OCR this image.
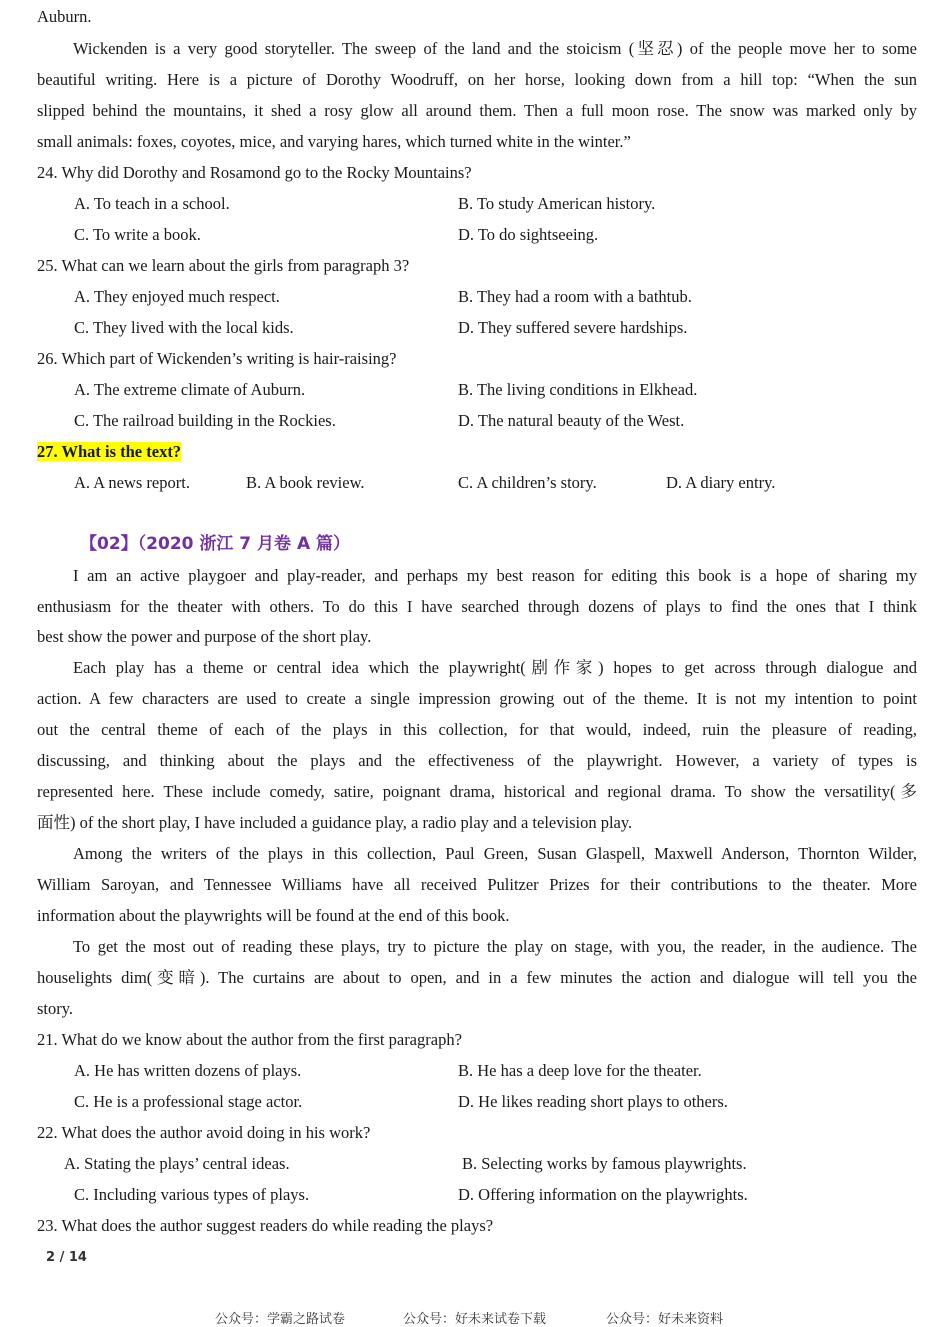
Auburn.
Wickenden is a very good storyteller. The sweep of the land and the stoicism (坚忍) of the people move her to some
beautiful writing. Here is a picture of Dorothy Woodruff, on her horse, looking down from a hill top: “When the sun
slipped behind the mountains, it shed a rosy glow all around them. Then a full moon rose. The snow was marked only by
small animals: foxes, coyotes, mice, and varying hares, which turned white in the winter.”
24. Why did Dorothy and Rosamond go to the Rocky Mountains?
A. To teach in a school.	B. To study American history.
C. To write a book.	D. To do sightseeing.
25. What can we learn about the girls from paragraph 3?
A. They enjoyed much respect.	B. They had a room with a bathtub.
C. They lived with the local kids.	D. They suffered severe hardships.
26. Which part of Wickenden’s writing is hair-raising?
A. The extreme climate of Auburn.	B. The living conditions in Elkhead.
C. The railroad building in the Rockies.	D. The natural beauty of the West.
27. What is the text?
A. A news report.	B. A book review.	C. A children’s story.	D. A diary entry.
【02】（2020 浙江 7 月卷 A 篇）
I am an active playgoer and play-reader, and perhaps my best reason for editing this book is a hope of sharing my
enthusiasm for the theater with others. To do this I have searched through dozens of plays to find the ones that I think
best show the power and purpose of the short play.
Each play has a theme or central idea which the playwright(剧作家) hopes to get across through dialogue and
action. A few characters are used to create a single impression growing out of the theme. It is not my intention to point
out the central theme of each of the plays in this collection, for that would, indeed, ruin the pleasure of reading,
discussing, and thinking about the plays and the effectiveness of the playwright. However, a variety of types is
represented here. These include comedy, satire, poignant drama, historical and regional drama. To show the versatility(多
面性) of the short play, I have included a guidance play, a radio play and a television play.
Among the writers of the plays in this collection, Paul Green, Susan Glaspell, Maxwell Anderson, Thornton Wilder,
William Saroyan, and Tennessee Williams have all received Pulitzer Prizes for their contributions to the theater. More
information about the playwrights will be found at the end of this book.
To get the most out of reading these plays, try to picture the play on stage, with you, the reader, in the audience. The
houselights dim(变暗). The curtains are about to open, and in a few minutes the action and dialogue will tell you the
story.
21. What do we know about the author from the first paragraph?
A. He has written dozens of plays.	B. He has a deep love for the theater.
C. He is a professional stage actor.	D. He likes reading short plays to others.
22. What does the author avoid doing in his work?
A. Stating the plays’ central ideas.	B. Selecting works by famous playwrights.
C. Including various types of plays.	D. Offering information on the playwrights.
23. What does the author suggest readers do while reading the plays?
2 / 14
公众号：学霸之路试卷	公众号：好未来试卷下载	公众号：好未来资料
